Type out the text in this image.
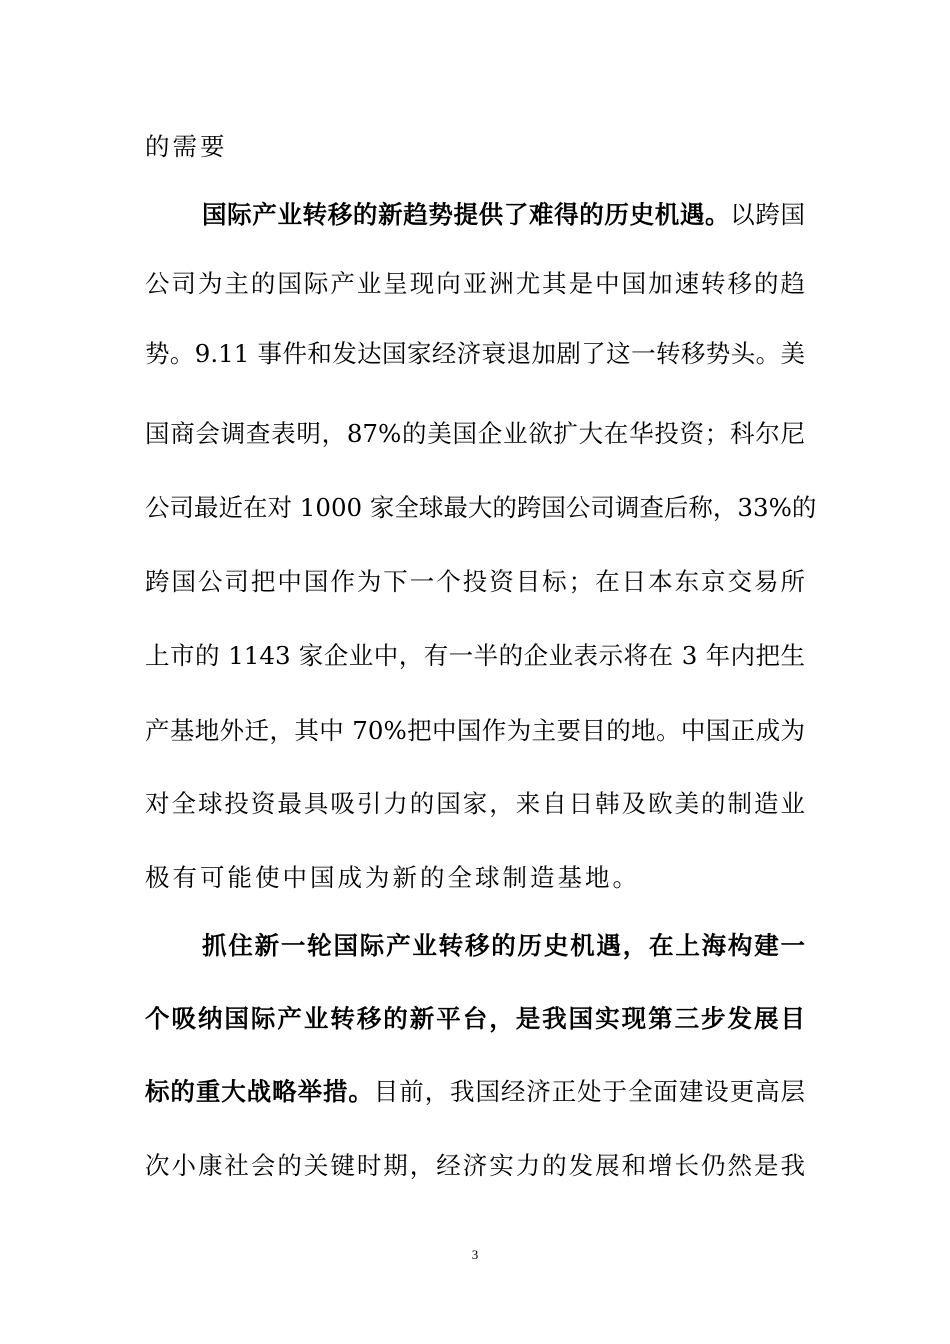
的需要
国际产业转移的新趋势提供了难得的历史机遇。以跨国
公司为主的国际产业呈现向亚洲尤其是中国加速转移的趋
势。9.11 事件和发达国家经济衰退加剧了这一转移势头。美
国商会调查表明，87%的美国企业欲扩大在华投资；科尔尼
公司最近在对 1000 家全球最大的跨国公司调查后称，33%的
跨国公司把中国作为下一个投资目标；在日本东京交易所
上市的 1143 家企业中，有一半的企业表示将在 3 年内把生
产基地外迁，其中 70%把中国作为主要目的地。中国正成为
对全球投资最具吸引力的国家，来自日韩及欧美的制造业
极有可能使中国成为新的全球制造基地。
抓住新一轮国际产业转移的历史机遇，在上海构建一
个吸纳国际产业转移的新平台，是我国实现第三步发展目
标的重大战略举措。目前，我国经济正处于全面建设更高层
次小康社会的关键时期，经济实力的发展和增长仍然是我
3
